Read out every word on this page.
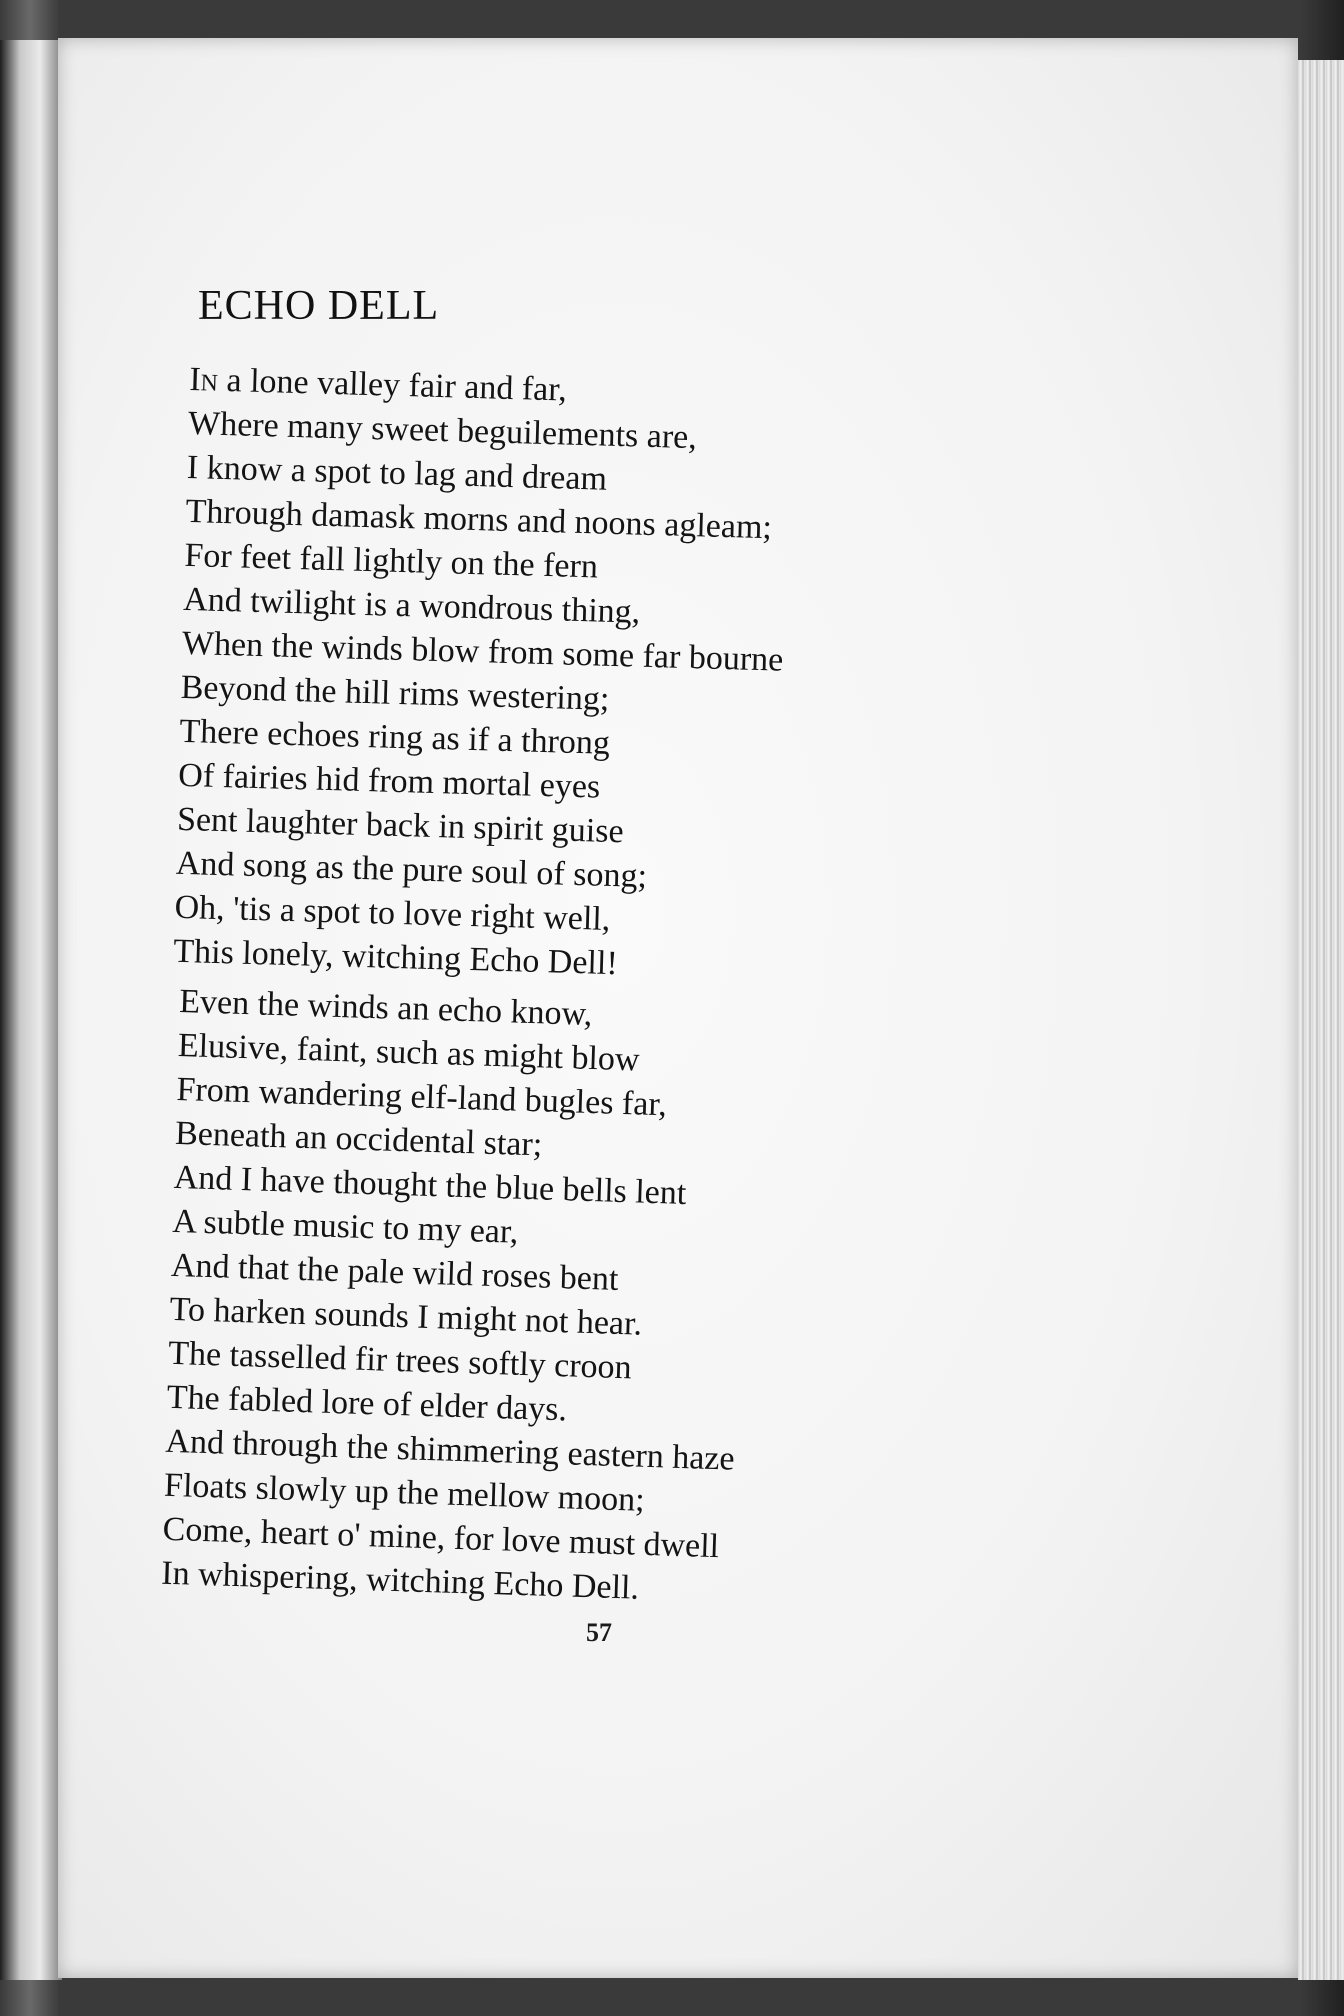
ECHO DELL
In a lone valley fair and far,
Where many sweet beguilements are,
I know a spot to lag and dream
Through damask morns and noons agleam;
For feet fall lightly on the fern
And twilight is a wondrous thing,
When the winds blow from some far bourne
Beyond the hill rims westering;
There echoes ring as if a throng
Of fairies hid from mortal eyes
Sent laughter back in spirit guise
And song as the pure soul of song;
Oh, 'tis a spot to love right well,
This lonely, witching Echo Dell!
Even the winds an echo know,
Elusive, faint, such as might blow
From wandering elf-land bugles far,
Beneath an occidental star;
And I have thought the blue bells lent
A subtle music to my ear,
And that the pale wild roses bent
To harken sounds I might not hear.
The tasselled fir trees softly croon
The fabled lore of elder days.
And through the shimmering eastern haze
Floats slowly up the mellow moon;
Come, heart o' mine, for love must dwell
In whispering, witching Echo Dell.
57
